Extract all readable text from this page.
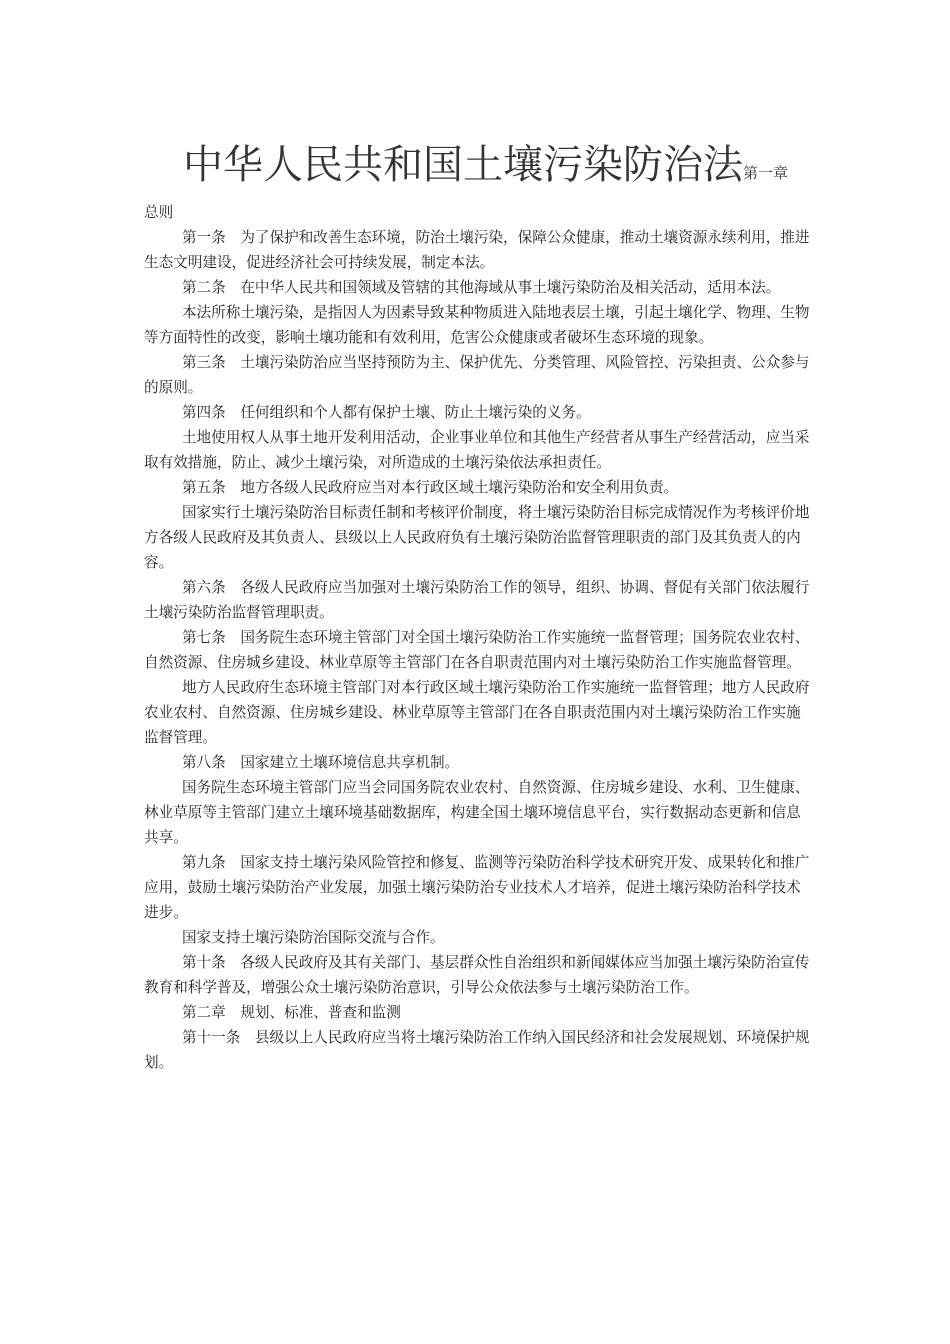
中华人民共和国土壤污染防治法第一章

总则

第一条　为了保护和改善生态环境，防治土壤污染，保障公众健康，推动土壤资源永续利用，推进生态文明建设，促进经济社会可持续发展，制定本法。

第二条　在中华人民共和国领域及管辖的其他海域从事土壤污染防治及相关活动，适用本法。

本法所称土壤污染，是指因人为因素导致某种物质进入陆地表层土壤，引起土壤化学、物理、生物等方面特性的改变，影响土壤功能和有效利用，危害公众健康或者破坏生态环境的现象。

第三条　土壤污染防治应当坚持预防为主、保护优先、分类管理、风险管控、污染担责、公众参与的原则。

第四条　任何组织和个人都有保护土壤、防止土壤污染的义务。

土地使用权人从事土地开发利用活动，企业事业单位和其他生产经营者从事生产经营活动，应当采取有效措施，防止、减少土壤污染，对所造成的土壤污染依法承担责任。

第五条　地方各级人民政府应当对本行政区域土壤污染防治和安全利用负责。

国家实行土壤污染防治目标责任制和考核评价制度，将土壤污染防治目标完成情况作为考核评价地方各级人民政府及其负责人、县级以上人民政府负有土壤污染防治监督管理职责的部门及其负责人的内容。

第六条　各级人民政府应当加强对土壤污染防治工作的领导，组织、协调、督促有关部门依法履行土壤污染防治监督管理职责。

第七条　国务院生态环境主管部门对全国土壤污染防治工作实施统一监督管理；国务院农业农村、自然资源、住房城乡建设、林业草原等主管部门在各自职责范围内对土壤污染防治工作实施监督管理。

地方人民政府生态环境主管部门对本行政区域土壤污染防治工作实施统一监督管理；地方人民政府农业农村、自然资源、住房城乡建设、林业草原等主管部门在各自职责范围内对土壤污染防治工作实施监督管理。

第八条　国家建立土壤环境信息共享机制。

国务院生态环境主管部门应当会同国务院农业农村、自然资源、住房城乡建设、水利、卫生健康、林业草原等主管部门建立土壤环境基础数据库，构建全国土壤环境信息平台，实行数据动态更新和信息共享。

第九条　国家支持土壤污染风险管控和修复、监测等污染防治科学技术研究开发、成果转化和推广应用，鼓励土壤污染防治产业发展，加强土壤污染防治专业技术人才培养，促进土壤污染防治科学技术进步。

国家支持土壤污染防治国际交流与合作。

第十条　各级人民政府及其有关部门、基层群众性自治组织和新闻媒体应当加强土壤污染防治宣传教育和科学普及，增强公众土壤污染防治意识，引导公众依法参与土壤污染防治工作。

第二章　规划、标准、普查和监测

第十一条　县级以上人民政府应当将土壤污染防治工作纳入国民经济和社会发展规划、环境保护规划。
